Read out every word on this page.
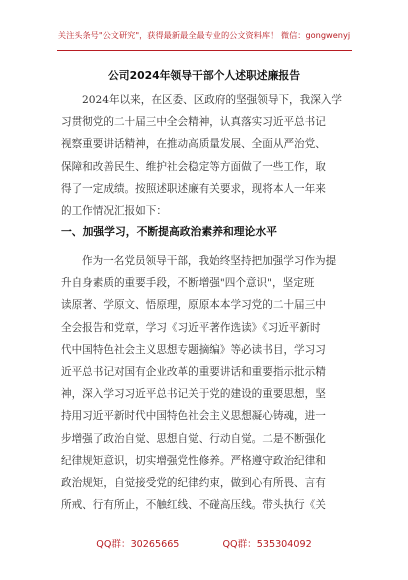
关注头条号"公文研究"，获得最新最全最专业的公文资料库！ 微信：gongwenyj
公司2024年领导干部个人述职述廉报告
2024年以来，在区委、区政府的坚强领导下，我深入学
习贯彻党的二十届三中全会精神，认真落实习近平总书记
视察重要讲话精神，在推动高质量发展、全面从严治党、
保障和改善民生、维护社会稳定等方面做了一些工作，取
得了一定成绩。按照述职述廉有关要求，现将本人一年来
的工作情况汇报如下：
一、加强学习，不断提高政治素养和理论水平
作为一名党员领导干部，我始终坚持把加强学习作为提
升自身素质的重要手段，不断增强"四个意识"，坚定班
读原著、学原文、悟原理，原原本本学习党的二十届三中
全会报告和党章，学习《习近平著作选读》《习近平新时
代中国特色社会主义思想专题摘编》等必读书目，学习习
近平总书记对国有企业改革的重要讲话和重要指示批示精
神，深入学习习近平总书记关于党的建设的重要思想，坚
持用习近平新时代中国特色社会主义思想凝心铸魂，进一
步增强了政治自觉、思想自觉、行动自觉。二是不断强化
纪律规矩意识，切实增强党性修养。严格遵守政治纪律和
政治规矩，自觉接受党的纪律约束，做到心有所畏、言有
所戒、行有所止，不触红线、不碰高压线。带头执行《关
QQ群：30265665	QQ群：535304092
